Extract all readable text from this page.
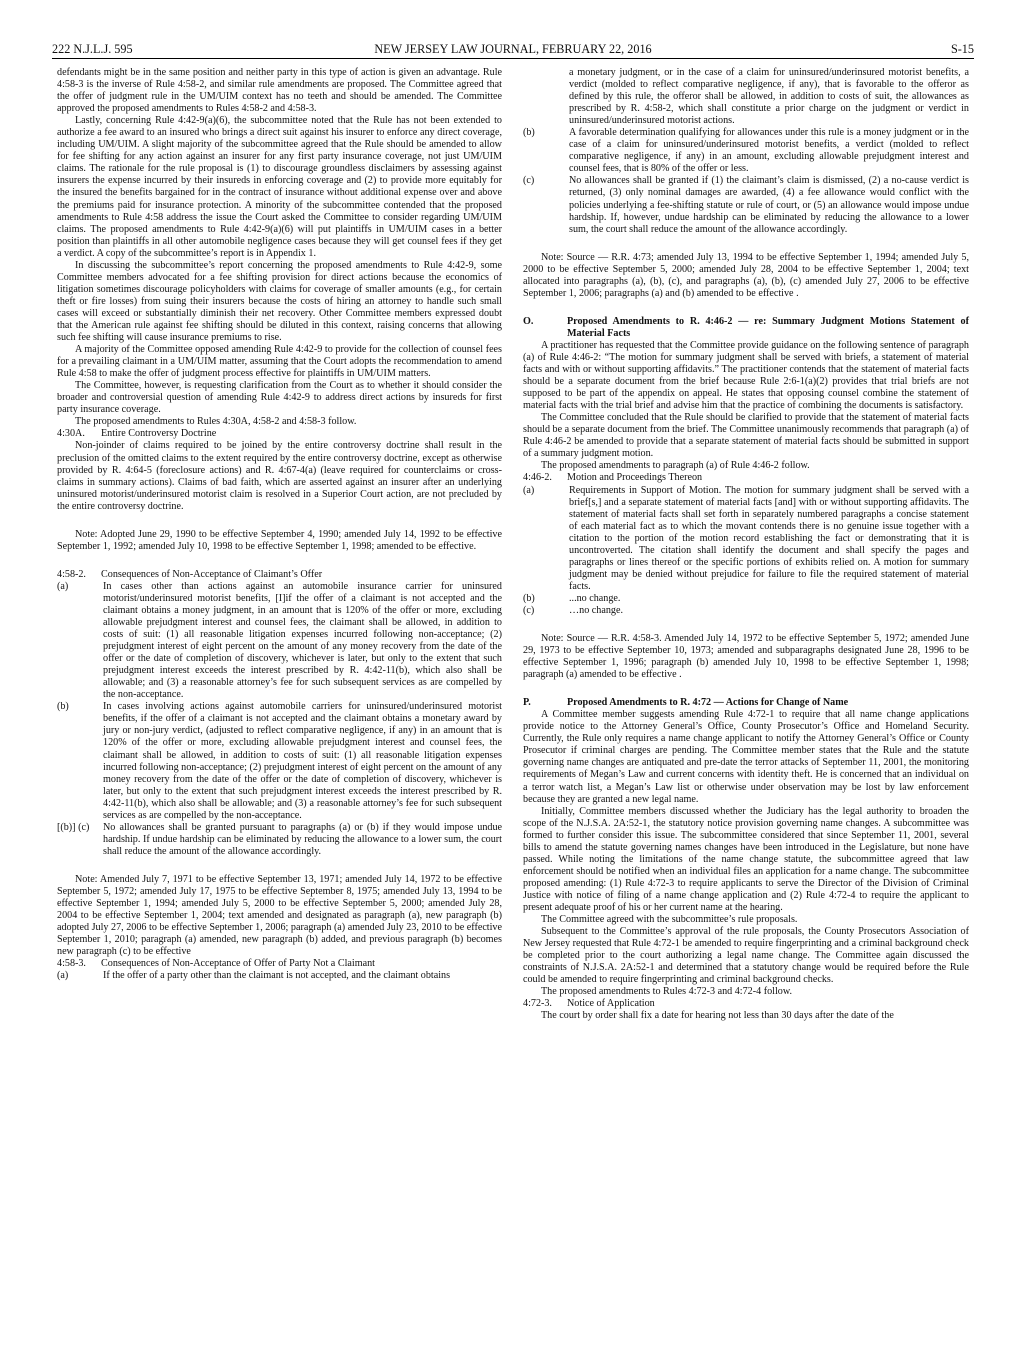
222 N.J.L.J. 595	NEW JERSEY LAW JOURNAL, FEBRUARY 22, 2016	S-15

defendants might be in the same position and neither party in this type of action is given an advantage. Rule 4:58-3 is the inverse of Rule 4:58-2, and similar rule amendments are proposed. The Committee agreed that the offer of judgment rule in the UM/UIM context has no teeth and should be amended. The Committee approved the proposed amendments to Rules 4:58-2 and 4:58-3.

Lastly, concerning Rule 4:42-9(a)(6), the subcommittee noted that the Rule has not been extended to authorize a fee award to an insured who brings a direct suit against his insurer to enforce any direct coverage, including UM/UIM. A slight majority of the subcommittee agreed that the Rule should be amended to allow for fee shifting for any action against an insurer for any first party insurance coverage, not just UM/UIM claims. The rationale for the rule proposal is (1) to discourage groundless disclaimers by assessing against insurers the expense incurred by their insureds in enforcing coverage and (2) to provide more equitably for the insured the benefits bargained for in the contract of insurance without additional expense over and above the premiums paid for insurance protection. A minority of the subcommittee contended that the proposed amendments to Rule 4:58 address the issue the Court asked the Committee to consider regarding UM/UIM claims. The proposed amendments to Rule 4:42-9(a)(6) will put plaintiffs in UM/UIM cases in a better position than plaintiffs in all other automobile negligence cases because they will get counsel fees if they get a verdict. A copy of the subcommittee’s report is in Appendix 1.

In discussing the subcommittee’s report concerning the proposed amendments to Rule 4:42-9, some Committee members advocated for a fee shifting provision for direct actions because the economics of litigation sometimes discourage policyholders with claims for coverage of smaller amounts (e.g., for certain theft or fire losses) from suing their insurers because the costs of hiring an attorney to handle such small cases will exceed or substantially diminish their net recovery. Other Committee members expressed doubt that the American rule against fee shifting should be diluted in this context, raising concerns that allowing such fee shifting will cause insurance premiums to rise.

A majority of the Committee opposed amending Rule 4:42-9 to provide for the collection of counsel fees for a prevailing claimant in a UM/UIM matter, assuming that the Court adopts the recommendation to amend Rule 4:58 to make the offer of judgment process effective for plaintiffs in UM/UIM matters.

The Committee, however, is requesting clarification from the Court as to whether it should consider the broader and controversial question of amending Rule 4:42-9 to address direct actions by insureds for first party insurance coverage.

The proposed amendments to Rules 4:30A, 4:58-2 and 4:58-3 follow.

4:30A.	Entire Controversy Doctrine

Non-joinder of claims required to be joined by the entire controversy doctrine shall result in the preclusion of the omitted claims to the extent required by the entire controversy doctrine, except as otherwise provided by R. 4:64-5 (foreclosure actions) and R. 4:67-4(a) (leave required for counterclaims or cross-claims in summary actions). Claims of bad faith, which are asserted against an insurer after an underlying uninsured motorist/underinsured motorist claim is resolved in a Superior Court action, are not precluded by the entire controversy doctrine.

Note: Adopted June 29, 1990 to be effective September 4, 1990; amended July 14, 1992 to be effective September 1, 1992; amended July 10, 1998 to be effective September 1, 1998; amended to be effective.

4:58-2.	Consequences of Non-Acceptance of Claimant’s Offer
(a)	In cases other than actions against an automobile insurance carrier for uninsured motorist/underinsured motorist benefits, [I]if the offer of a claimant is not accepted and the claimant obtains a money judgment, in an amount that is 120% of the offer or more, excluding allowable prejudgment interest and counsel fees, the claimant shall be allowed, in addition to costs of suit: (1) all reasonable litigation expenses incurred following non-acceptance; (2) prejudgment interest of eight percent on the amount of any money recovery from the date of the offer or the date of completion of discovery, whichever is later, but only to the extent that such prejudgment interest exceeds the interest prescribed by R. 4:42-11(b), which also shall be allowable; and (3) a reasonable attorney’s fee for such subsequent services as are compelled by the non-acceptance.
(b)	In cases involving actions against automobile carriers for uninsured/underinsured motorist benefits, if the offer of a claimant is not accepted and the claimant obtains a monetary award by jury or non-jury verdict, (adjusted to reflect comparative negligence, if any) in an amount that is 120% of the offer or more, excluding allowable prejudgment interest and counsel fees, the claimant shall be allowed, in addition to costs of suit: (1) all reasonable litigation expenses incurred following non-acceptance; (2) prejudgment interest of eight percent on the amount of any money recovery from the date of the offer or the date of completion of discovery, whichever is later, but only to the extent that such prejudgment interest exceeds the interest prescribed by R. 4:42-11(b), which also shall be allowable; and (3) a reasonable attorney’s fee for such subsequent services as are compelled by the non-acceptance.
[(b)] (c)	No allowances shall be granted pursuant to paragraphs (a) or (b) if they would impose undue hardship. If undue hardship can be eliminated by reducing the allowance to a lower sum, the court shall reduce the amount of the allowance accordingly.

Note: Amended July 7, 1971 to be effective September 13, 1971; amended July 14, 1972 to be effective September 5, 1972; amended July 17, 1975 to be effective September 8, 1975; amended July 13, 1994 to be effective September 1, 1994; amended July 5, 2000 to be effective September 5, 2000; amended July 28, 2004 to be effective September 1, 2004; text amended and designated as paragraph (a), new paragraph (b) adopted July 27, 2006 to be effective September 1, 2006; paragraph (a) amended July 23, 2010 to be effective September 1, 2010; paragraph (a) amended, new paragraph (b) added, and previous paragraph (b) becomes new paragraph (c) to be effective

4:58-3.	Consequences of Non-Acceptance of Offer of Party Not a Claimant
(a)	If the offer of a party other than the claimant is not accepted, and the claimant obtains
a monetary judgment, or in the case of a claim for uninsured/underinsured motorist benefits, a verdict (molded to reflect comparative negligence, if any), that is favorable to the offeror as defined by this rule, the offeror shall be allowed, in addition to costs of suit, the allowances as prescribed by R. 4:58-2, which shall constitute a prior charge on the judgment or verdict in uninsured/underinsured motorist actions.
(b)	A favorable determination qualifying for allowances under this rule is a money judgment or in the case of a claim for uninsured/underinsured motorist benefits, a verdict (molded to reflect comparative negligence, if any) in an amount, excluding allowable prejudgment interest and counsel fees, that is 80% of the offer or less.
(c)	No allowances shall be granted if (1) the claimant’s claim is dismissed, (2) a no-cause verdict is returned, (3) only nominal damages are awarded, (4) a fee allowance would conflict with the policies underlying a fee-shifting statute or rule of court, or (5) an allowance would impose undue hardship. If, however, undue hardship can be eliminated by reducing the allowance to a lower sum, the court shall reduce the amount of the allowance accordingly.

Note: Source — R.R. 4:73; amended July 13, 1994 to be effective September 1, 1994; amended July 5, 2000 to be effective September 5, 2000; amended July 28, 2004 to be effective September 1, 2004; text allocated into paragraphs (a), (b), (c), and paragraphs (a), (b), (c) amended July 27, 2006 to be effective September 1, 2006; paragraphs (a) and (b) amended to be effective .

O.	Proposed Amendments to R. 4:46-2 — re: Summary Judgment Motions Statement of Material Facts

A practitioner has requested that the Committee provide guidance on the following sentence of paragraph (a) of Rule 4:46-2: “The motion for summary judgment shall be served with briefs, a statement of material facts and with or without supporting affidavits.” The practitioner contends that the statement of material facts should be a separate document from the brief because Rule 2:6-1(a)(2) provides that trial briefs are not supposed to be part of the appendix on appeal. He states that opposing counsel combine the statement of material facts with the trial brief and advise him that the practice of combining the documents is satisfactory.

The Committee concluded that the Rule should be clarified to provide that the statement of material facts should be a separate document from the brief. The Committee unanimously recommends that paragraph (a) of Rule 4:46-2 be amended to provide that a separate statement of material facts should be submitted in support of a summary judgment motion.

The proposed amendments to paragraph (a) of Rule 4:46-2 follow.

4:46-2.	Motion and Proceedings Thereon
(a)	Requirements in Support of Motion. The motion for summary judgment shall be served with a brief[s,] and a separate statement of material facts [and] with or without supporting affidavits. The statement of material facts shall set forth in separately numbered paragraphs a concise statement of each material fact as to which the movant contends there is no genuine issue together with a citation to the portion of the motion record establishing the fact or demonstrating that it is uncontroverted. The citation shall identify the document and shall specify the pages and paragraphs or lines thereof or the specific portions of exhibits relied on. A motion for summary judgment may be denied without prejudice for failure to file the required statement of material facts.
(b)	...no change.
(c)	…no change.

Note: Source — R.R. 4:58-3. Amended July 14, 1972 to be effective September 5, 1972; amended June 29, 1973 to be effective September 10, 1973; amended and subparagraphs designated June 28, 1996 to be effective September 1, 1996; paragraph (b) amended July 10, 1998 to be effective September 1, 1998; paragraph (a) amended to be effective .

P.	Proposed Amendments to R. 4:72 — Actions for Change of Name

A Committee member suggests amending Rule 4:72-1 to require that all name change applications provide notice to the Attorney General’s Office, County Prosecutor’s Office and Homeland Security. Currently, the Rule only requires a name change applicant to notify the Attorney General’s Office or County Prosecutor if criminal charges are pending. The Committee member states that the Rule and the statute governing name changes are antiquated and pre-date the terror attacks of September 11, 2001, the monitoring requirements of Megan’s Law and current concerns with identity theft. He is concerned that an individual on a terror watch list, a Megan’s Law list or otherwise under observation may be lost by law enforcement because they are granted a new legal name.

Initially, Committee members discussed whether the Judiciary has the legal authority to broaden the scope of the N.J.S.A. 2A:52-1, the statutory notice provision governing name changes. A subcommittee was formed to further consider this issue. The subcommittee considered that since September 11, 2001, several bills to amend the statute governing names changes have been introduced in the Legislature, but none have passed. While noting the limitations of the name change statute, the subcommittee agreed that law enforcement should be notified when an individual files an application for a name change. The subcommittee proposed amending: (1) Rule 4:72-3 to require applicants to serve the Director of the Division of Criminal Justice with notice of filing of a name change application and (2) Rule 4:72-4 to require the applicant to present adequate proof of his or her current name at the hearing.

The Committee agreed with the subcommittee’s rule proposals.

Subsequent to the Committee’s approval of the rule proposals, the County Prosecutors Association of New Jersey requested that Rule 4:72-1 be amended to require fingerprinting and a criminal background check be completed prior to the court authorizing a legal name change. The Committee again discussed the constraints of N.J.S.A. 2A:52-1 and determined that a statutory change would be required before the Rule could be amended to require fingerprinting and criminal background checks.

The proposed amendments to Rules 4:72-3 and 4:72-4 follow.

4:72-3.	Notice of Application

The court by order shall fix a date for hearing not less than 30 days after the date of the
